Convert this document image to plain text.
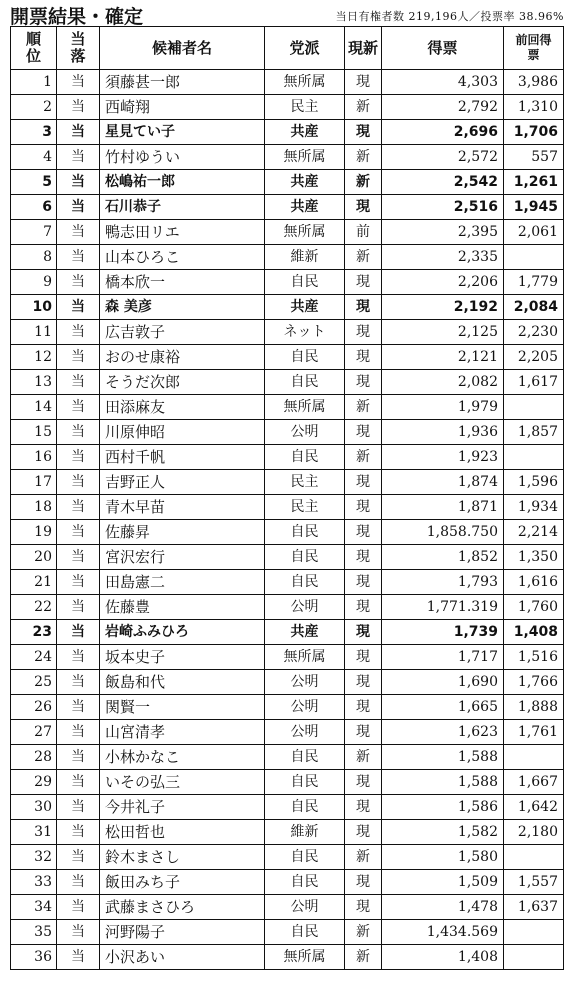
開票結果・確定	当日有権者数 219,196人／投票率 38.96%
順位	当落	候補者名	党派	現新	得票	前回得票
1	当	須藤甚一郎	無所属	現	4,303	3,986
2	当	西崎翔	民主	新	2,792	1,310
3	当	星見てい子	共産	現	2,696	1,706
4	当	竹村ゆうい	無所属	新	2,572	557
5	当	松嶋祐一郎	共産	新	2,542	1,261
6	当	石川恭子	共産	現	2,516	1,945
7	当	鴨志田リエ	無所属	前	2,395	2,061
8	当	山本ひろこ	維新	新	2,335	
9	当	橋本欣一	自民	現	2,206	1,779
10	当	森 美彦	共産	現	2,192	2,084
11	当	広吉敦子	ネット	現	2,125	2,230
12	当	おのせ康裕	自民	現	2,121	2,205
13	当	そうだ次郎	自民	現	2,082	1,617
14	当	田添麻友	無所属	新	1,979	
15	当	川原伸昭	公明	現	1,936	1,857
16	当	西村千帆	自民	新	1,923	
17	当	吉野正人	民主	現	1,874	1,596
18	当	青木早苗	民主	現	1,871	1,934
19	当	佐藤昇	自民	現	1,858.750	2,214
20	当	宮沢宏行	自民	現	1,852	1,350
21	当	田島憲二	自民	現	1,793	1,616
22	当	佐藤豊	公明	現	1,771.319	1,760
23	当	岩崎ふみひろ	共産	現	1,739	1,408
24	当	坂本史子	無所属	現	1,717	1,516
25	当	飯島和代	公明	現	1,690	1,766
26	当	関賢一	公明	現	1,665	1,888
27	当	山宮清孝	公明	現	1,623	1,761
28	当	小林かなこ	自民	新	1,588	
29	当	いその弘三	自民	現	1,588	1,667
30	当	今井礼子	自民	現	1,586	1,642
31	当	松田哲也	維新	現	1,582	2,180
32	当	鈴木まさし	自民	新	1,580	
33	当	飯田みち子	自民	現	1,509	1,557
34	当	武藤まさひろ	公明	現	1,478	1,637
35	当	河野陽子	自民	新	1,434.569	
36	当	小沢あい	無所属	新	1,408	
